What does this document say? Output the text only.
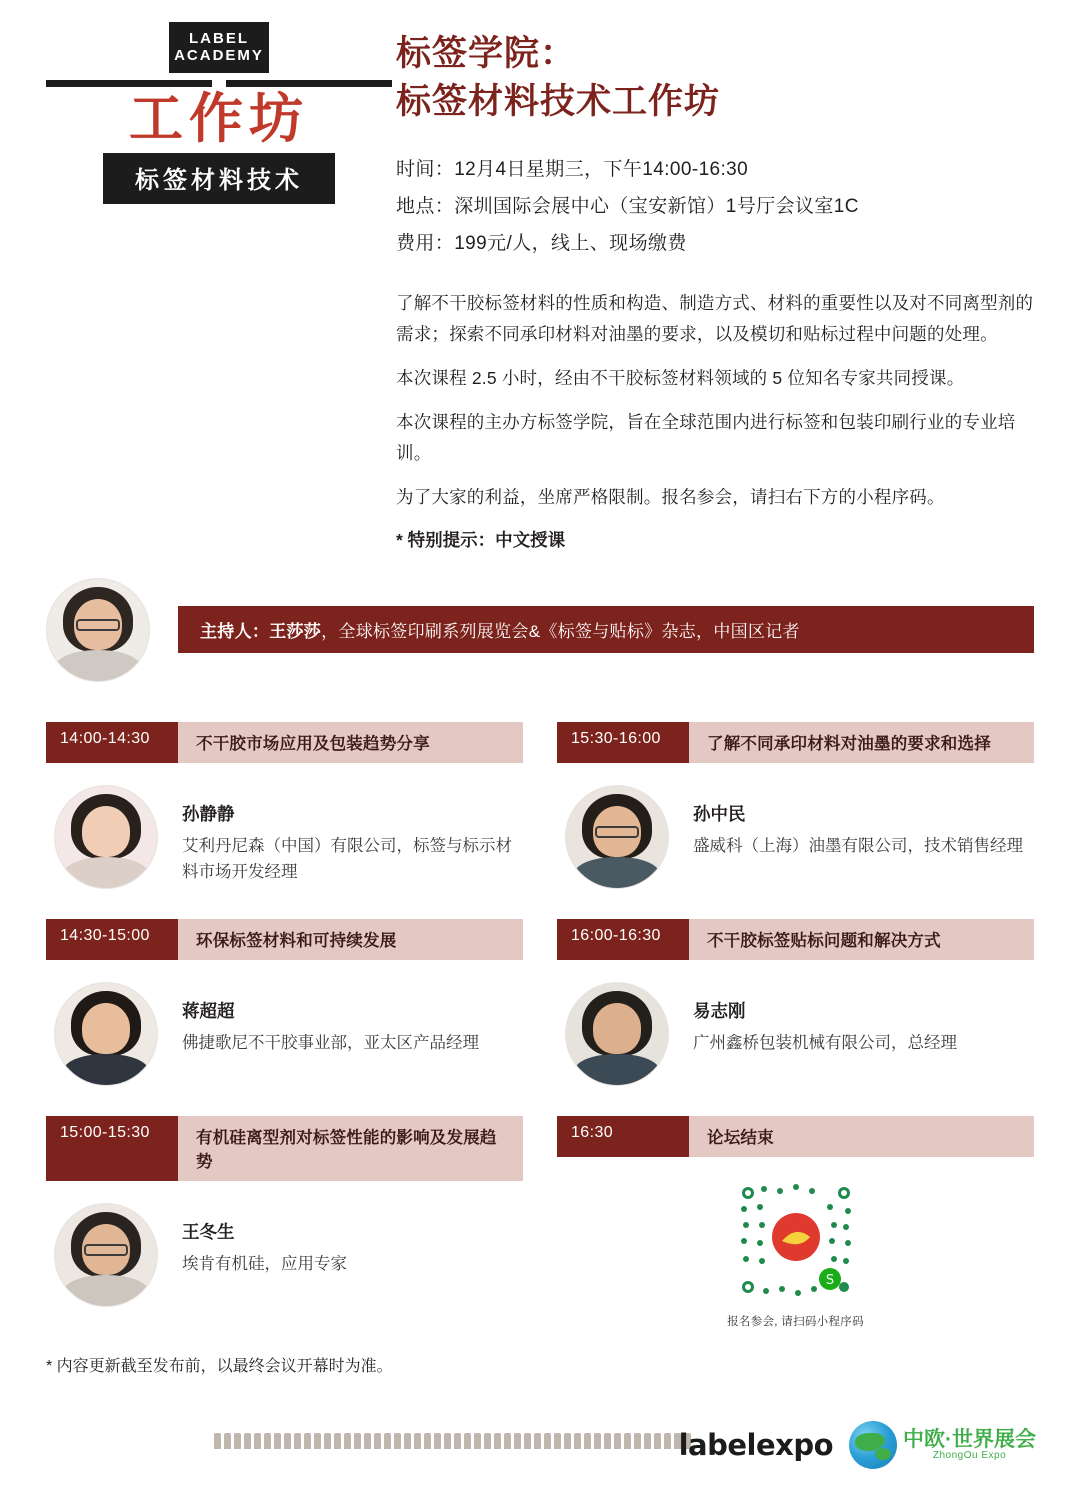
LABEL
ACADEMY
工作坊
标签材料技术
标签学院：
标签材料技术工作坊
时间：12月4日星期三，下午14:00-16:30
地点：深圳国际会展中心（宝安新馆）1号厅会议室1C
费用：199元/人，线上、现场缴费

了解不干胶标签材料的性质和构造、制造方式、材料的重要性以及对不同离型剂的需求；探索不同承印材料对油墨的要求，以及模切和贴标过程中问题的处理。

本次课程 2.5 小时，经由不干胶标签材料领域的 5 位知名专家共同授课。

本次课程的主办方标签学院，旨在全球范围内进行标签和包装印刷行业的专业培训。

为了大家的利益，坐席严格限制。报名参会，请扫右下方的小程序码。

* 特别提示：中文授课

主持人：王莎莎，全球标签印刷系列展览会&《标签与贴标》杂志，中国区记者
14:00-14:30	不干胶市场应用及包装趋势分享
孙静静
艾利丹尼森（中国）有限公司，标签与标示材料市场开发经理
15:30-16:00	了解不同承印材料对油墨的要求和选择
孙中民
盛威科（上海）油墨有限公司，技术销售经理
14:30-15:00	环保标签材料和可持续发展
蒋超超
佛捷歌尼不干胶事业部，亚太区产品经理
16:00-16:30	不干胶标签贴标问题和解决方式
易志刚
广州鑫桥包装机械有限公司，总经理
15:00-15:30	有机硅离型剂对标签性能的影响及发展趋势
王冬生
埃肯有机硅，应用专家
16:30	论坛结束
S
报名参会, 请扫码小程序码
* 内容更新截至发布前，以最终会议开幕时为准。
labelexpo	中欧·世界展会
ZhongOu Expo
